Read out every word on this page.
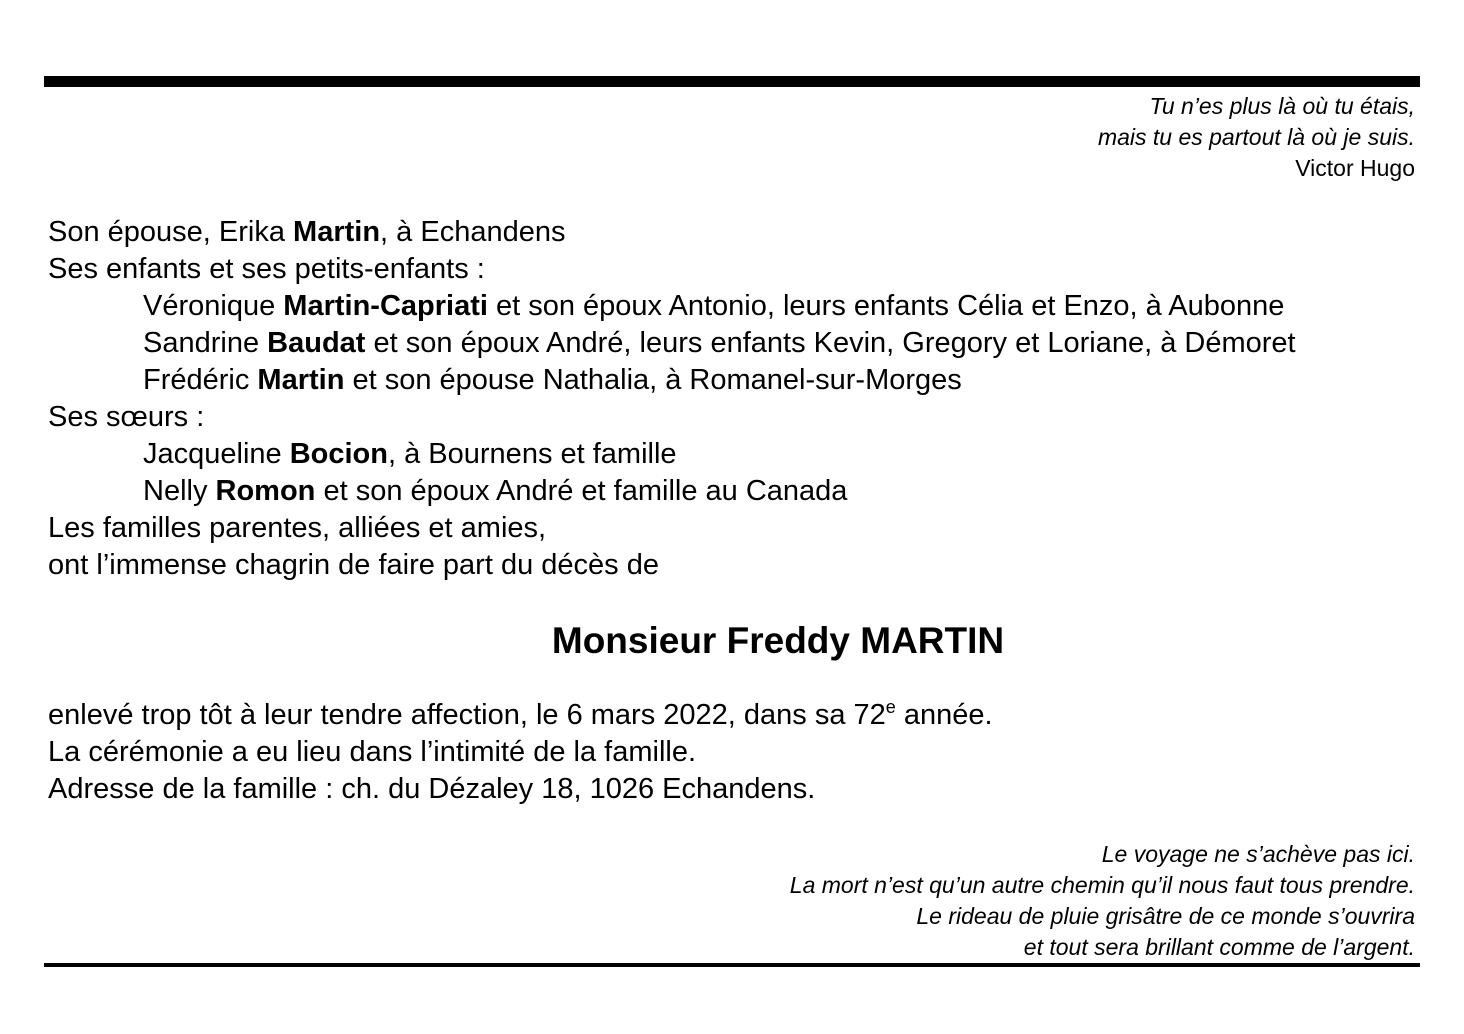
Tu n’es plus là où tu étais,
mais tu es partout là où je suis.
Victor Hugo
Son épouse, Erika Martin, à Echandens
Ses enfants et ses petits-enfants :
Véronique Martin-Capriati et son époux Antonio, leurs enfants Célia et Enzo, à Aubonne
Sandrine Baudat et son époux André, leurs enfants Kevin, Gregory et Loriane, à Démoret
Frédéric Martin et son épouse Nathalia, à Romanel-sur-Morges
Ses sœurs :
Jacqueline Bocion, à Bournens et famille
Nelly Romon et son époux André et famille au Canada
Les familles parentes, alliées et amies,
ont l’immense chagrin de faire part du décès de
Monsieur Freddy MARTIN
enlevé trop tôt à leur tendre affection, le 6 mars 2022, dans sa 72e année.
La cérémonie a eu lieu dans l’intimité de la famille.
Adresse de la famille : ch. du Dézaley 18, 1026 Echandens.
Le voyage ne s’achève pas ici.
La mort n’est qu’un autre chemin qu’il nous faut tous prendre.
Le rideau de pluie grisâtre de ce monde s’ouvrira
et tout sera brillant comme de l’argent.
